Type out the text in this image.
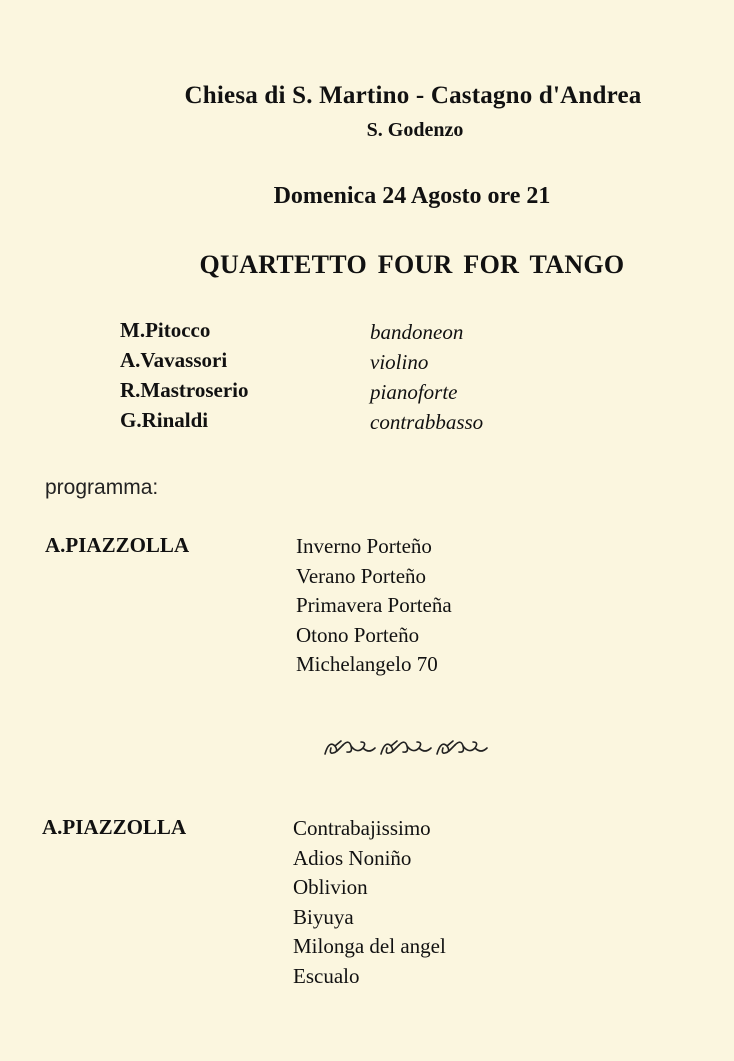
Chiesa di S. Martino - Castagno d'Andrea
S. Godenzo
Domenica 24 Agosto ore 21
QUARTETTO FOUR FOR TANGO
M.Pitocco	bandoneon
A.Vavassori	violino
R.Mastroserio	pianoforte
G.Rinaldi	contrabbasso
programma:
A.PIAZZOLLA	Inverno Porteño
Verano Porteño
Primavera Porteña
Otono Porteño
Michelangelo 70
A.PIAZZOLLA	Contrabajissimo
Adios Noniño
Oblivion
Biyuya
Milonga del angel
Escualo
